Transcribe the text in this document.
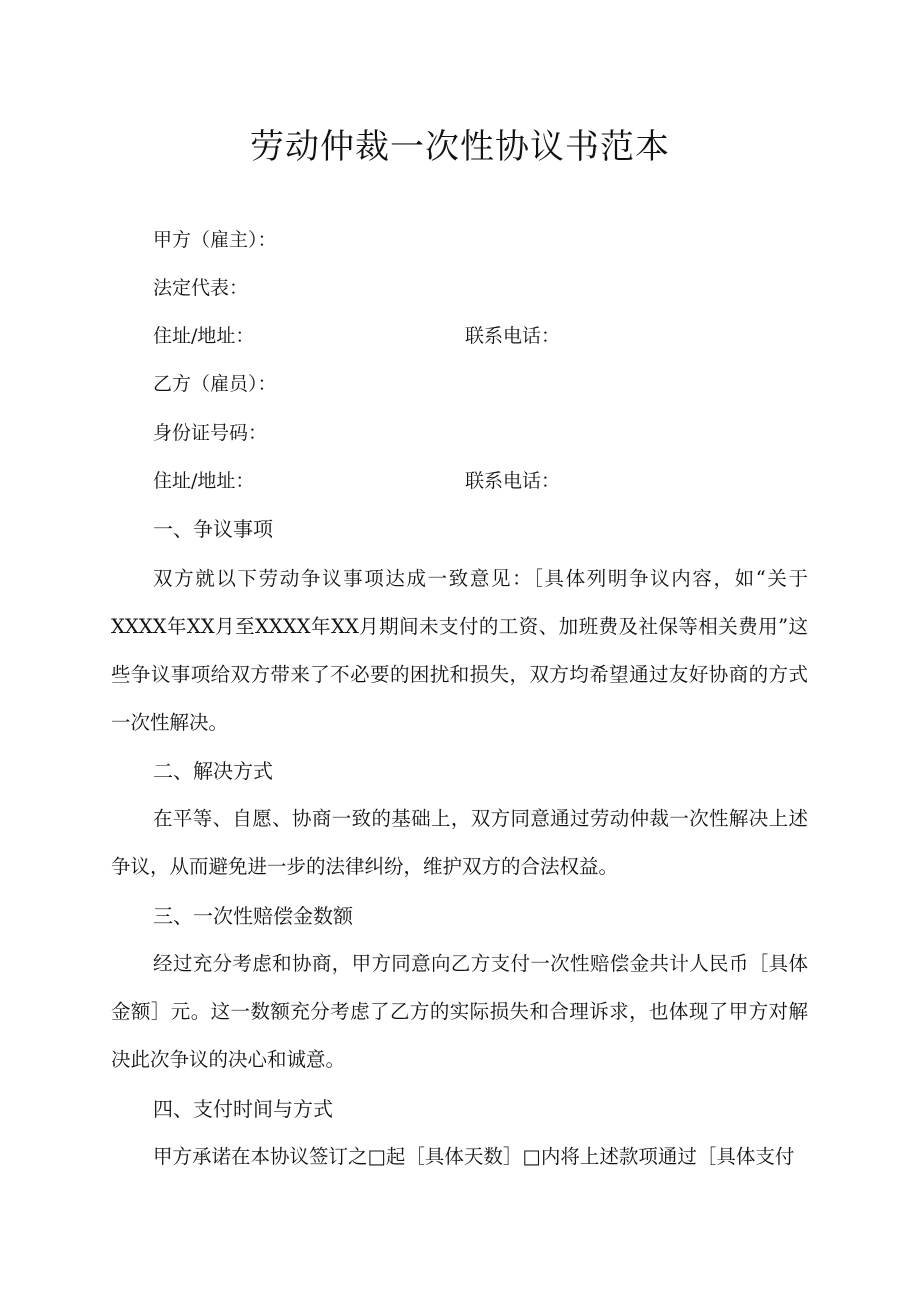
劳动仲裁一次性协议书范本
甲方（雇主）：
法定代表：
住址/地址：	联系电话：
乙方（雇员）：
身份证号码：
住址/地址：	联系电话：
一、争议事项

双方就以下劳动争议事项达成一致意见：［具体列明争议内容，如“关于XXXX年XX月至XXXX年XX月期间未支付的工资、加班费及社保等相关费用”这些争议事项给双方带来了不必要的困扰和损失，双方均希望通过友好协商的方式一次性解决。

二、解决方式

在平等、自愿、协商一致的基础上，双方同意通过劳动仲裁一次性解决上述争议，从而避免进一步的法律纠纷，维护双方的合法权益。

三、一次性赔偿金数额

经过充分考虑和协商，甲方同意向乙方支付一次性赔偿金共计人民币［具体金额］元。这一数额充分考虑了乙方的实际损失和合理诉求，也体现了甲方对解决此次争议的决心和诚意。

四、支付时间与方式

甲方承诺在本协议签订之□起［具体天数］□内将上述款项通过［具体支付
